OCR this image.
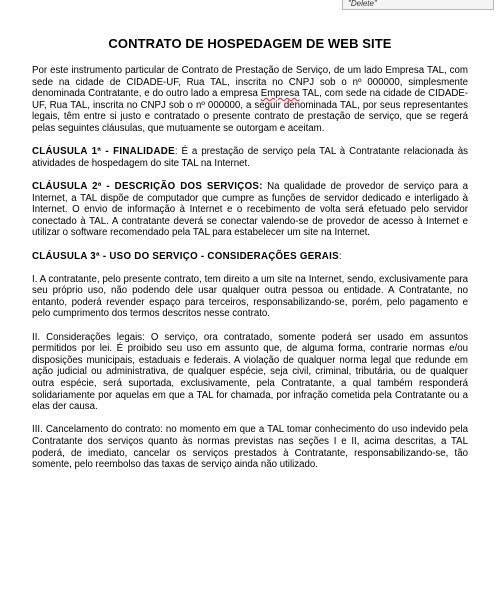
"Delete"
CONTRATO DE HOSPEDAGEM DE WEB SITE

Por este instrumento particular de Contrato de Prestação de Serviço, de um lado Empresa TAL, com sede na cidade de CIDADE-UF, Rua TAL, inscrita no CNPJ sob o nº 000000, simplesmente denominada Contratante, e do outro lado a empresa Empresa TAL, com sede na cidade de CIDADE-UF, Rua TAL, inscrita no CNPJ sob o nº 000000, a seguir denominada TAL, por seus representantes legais, têm entre si justo e contratado o presente contrato de prestação de serviço, que se regerá pelas seguintes cláusulas, que mutuamente se outorgam e aceitam.

CLÁUSULA 1ª - FINALIDADE: É a prestação de serviço pela TAL à Contratante relacionada às atividades de hospedagem do site TAL na Internet.

CLÁUSULA 2ª - DESCRIÇÃO DOS SERVIÇOS: Na qualidade de provedor de serviço para a Internet, a TAL dispõe de computador que cumpre as funções de servidor dedicado e interligado à Internet. O envio de informação à Internet e o recebimento de volta será efetuado pelo servidor conectado à TAL. A contratante deverá se conectar valendo-se de provedor de acesso à Internet e utilizar o software recomendado pela TAL para estabelecer um site na Internet.

CLÁUSULA 3ª - USO DO SERVIÇO - CONSIDERAÇÕES GERAIS:

I. A contratante, pelo presente contrato, tem direito a um site na Internet, sendo, exclusivamente para seu próprio uso, não podendo dele usar qualquer outra pessoa ou entidade. A Contratante, no entanto, poderá revender espaço para terceiros, responsabilizando-se, porém, pelo pagamento e pelo cumprimento dos termos descritos nesse contrato.

II. Considerações legais: O serviço, ora contratado, somente poderá ser usado em assuntos permitidos por lei. É proibido seu uso em assunto que, de alguma forma, contrarie normas e/ou disposições municipais, estaduais e federais. A violação de qualquer norma legal que redunde em ação judicial ou administrativa, de qualquer espécie, seja civil, criminal, tributária, ou de qualquer outra espécie, será suportada, exclusivamente, pela Contratante, a qual também responderá solidariamente por aquelas em que a TAL for chamada, por infração cometida pela Contratante ou a elas der causa.

III. Cancelamento do contrato: no momento em que a TAL tomar conhecimento do uso indevido pela Contratante dos serviços quanto às normas previstas nas seções I e II, acima descritas, a TAL poderá, de imediato, cancelar os serviços prestados à Contratante, responsabilizando-se, tão somente, pelo reembolso das taxas de serviço ainda não utilizado.
